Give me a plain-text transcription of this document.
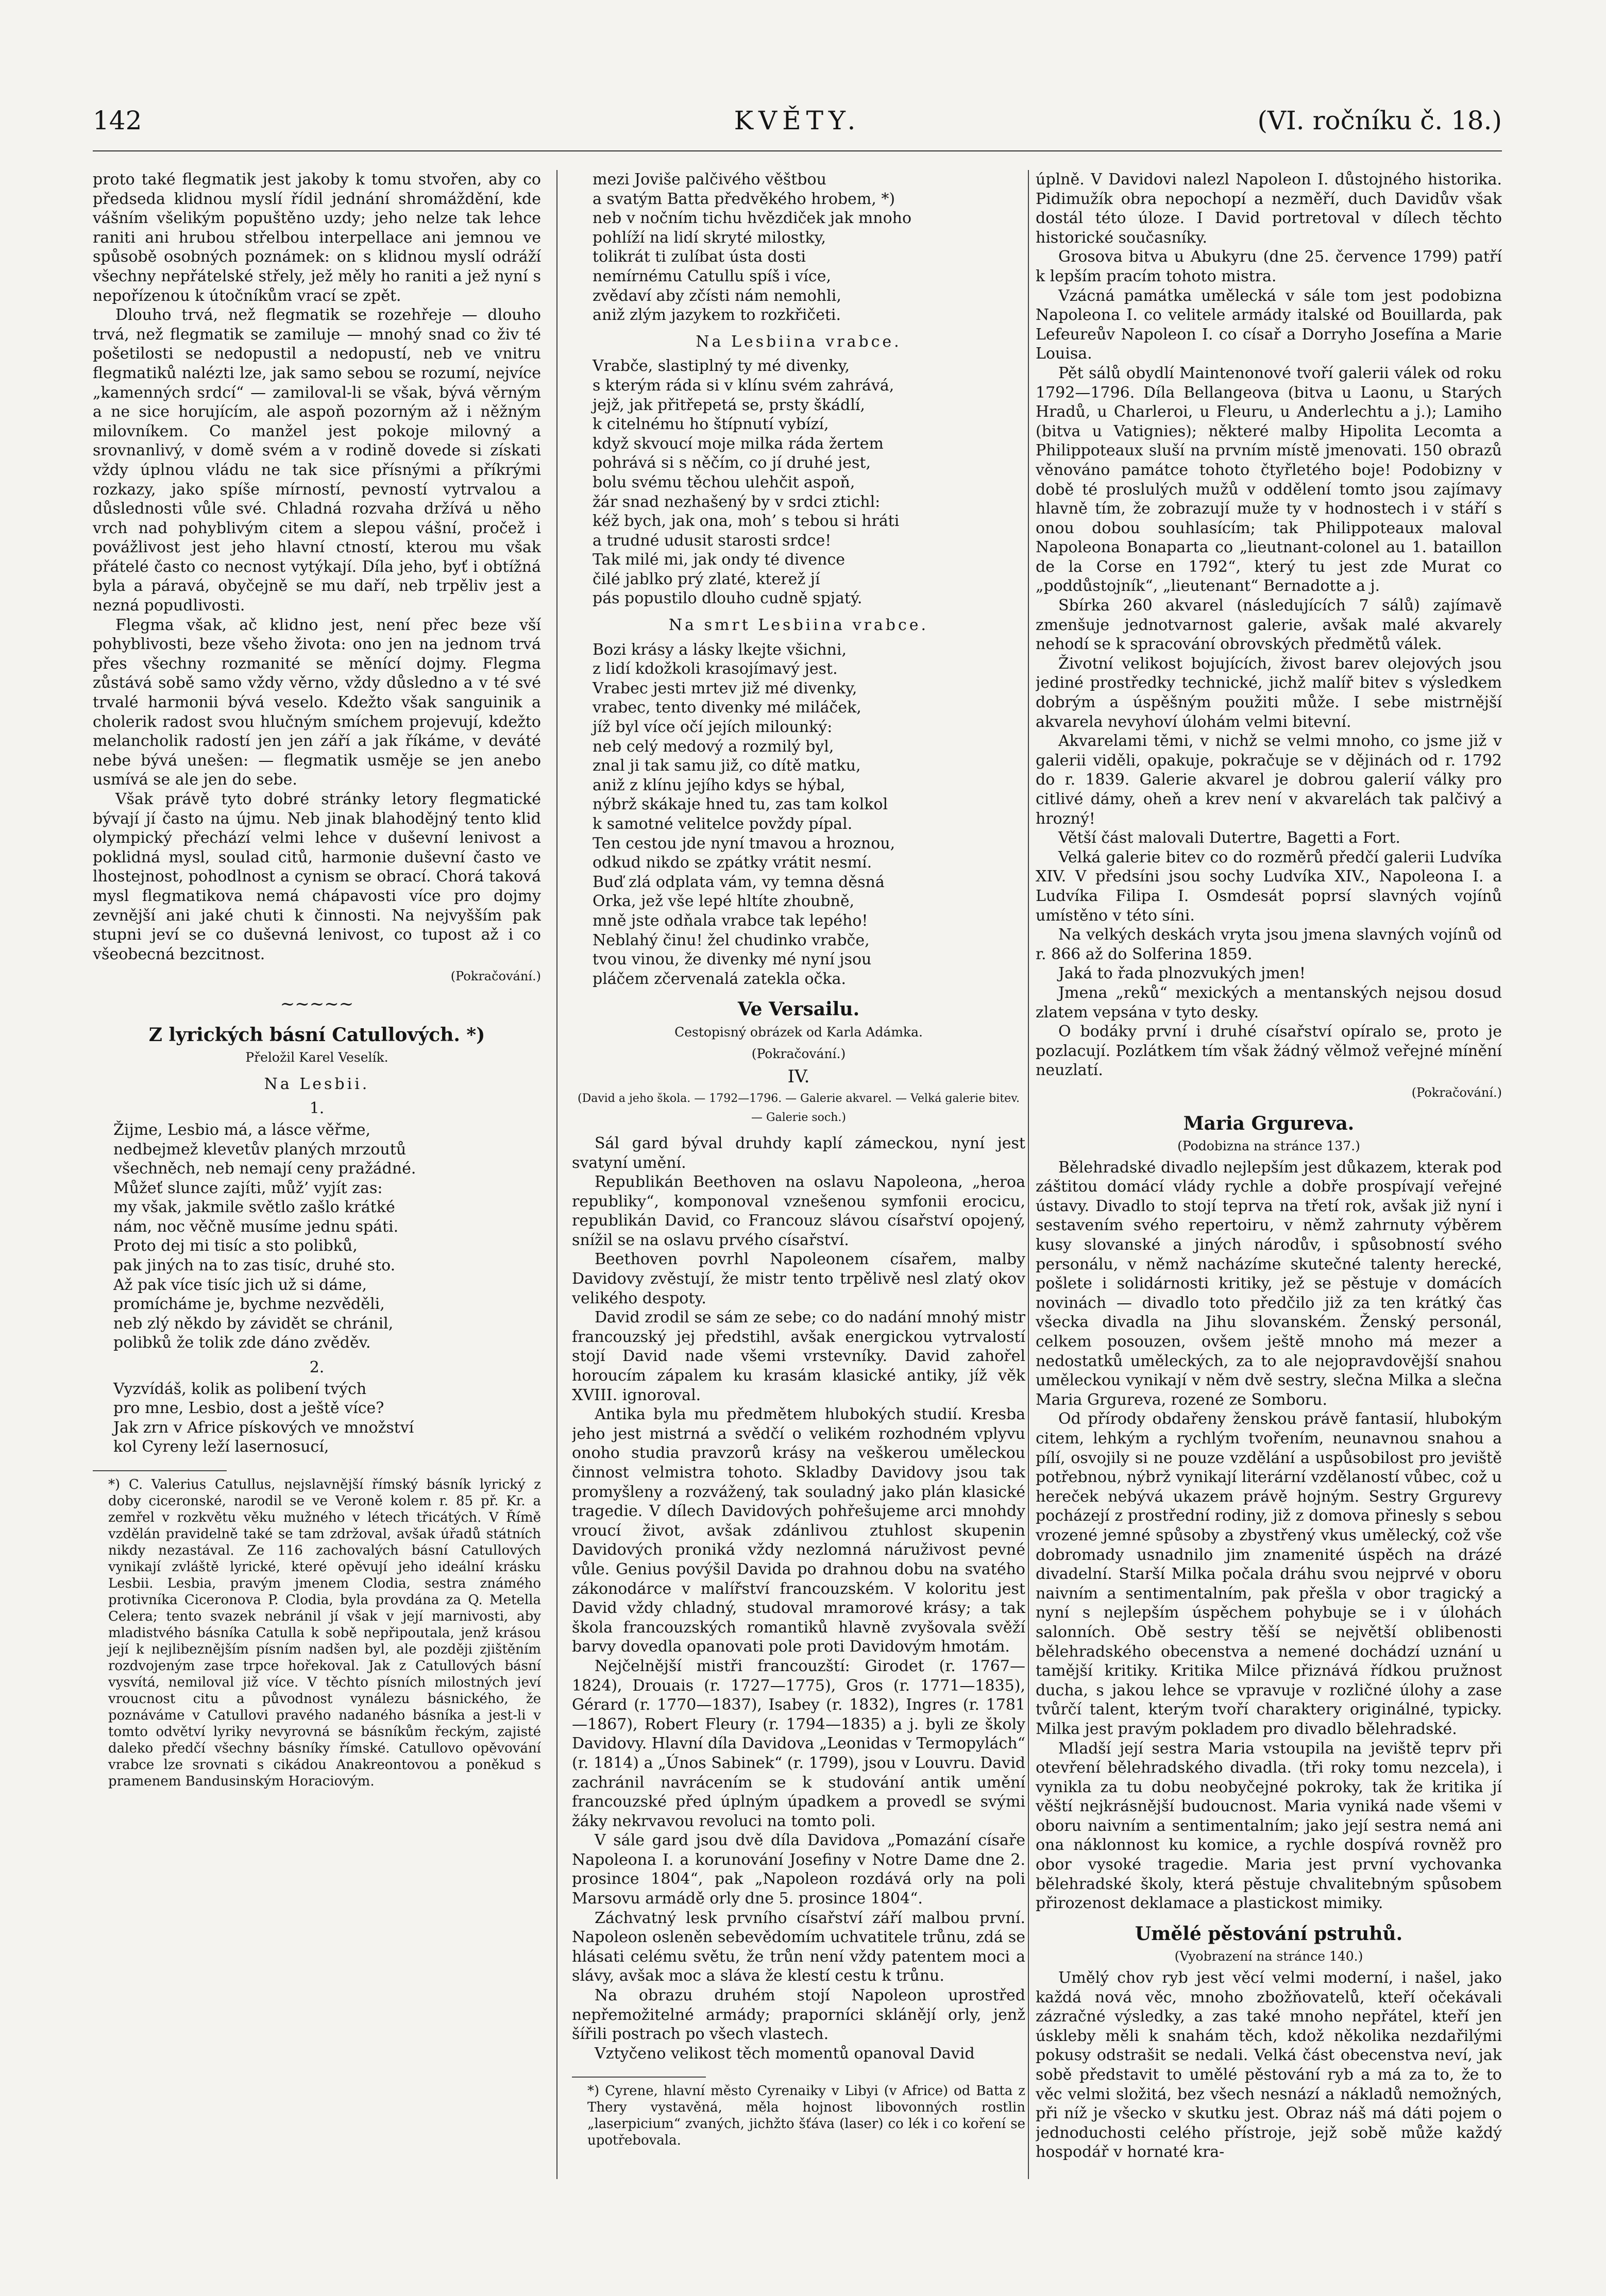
142	KVĚTY.	(VI. ročníku č. 18.)

proto také flegmatik jest jakoby k tomu stvořen, aby co předseda klidnou myslí řídil jednání shromáždění, kde vášním všelikým popuštěno uzdy; jeho nelze tak lehce raniti ani hrubou střelbou interpellace ani jemnou ve spůsobě osobných poznámek: on s klidnou myslí odráží všechny nepřátelské střely, jež měly ho raniti a jež nyní s nepořízenou k útočníkům vrací se zpět.

Dlouho trvá, než flegmatik se rozehřeje — dlouho trvá, než flegmatik se zamiluje — mnohý snad co živ té pošetilosti se nedopustil a nedopustí, neb ve vnitru flegmatiků nalézti lze, jak samo sebou se rozumí, nejvíce „kamenných srdcí“ — zamiloval-li se však, bývá věrným a ne sice horujícím, ale aspoň pozorným až i něžným milovníkem. Co manžel jest pokoje milovný a srovnanlivý, v domě svém a v rodině dovede si získati vždy úplnou vládu ne tak sice přísnými a příkrými rozkazy, jako spíše mírností, pevností vytrvalou a důslednosti vůle své. Chladná rozvaha držívá u něho vrch nad pohyblivým citem a slepou vášní, pročež i povážlivost jest jeho hlavní ctností, kterou mu však přátelé často co necnost vytýkají. Díla jeho, byť i obtížná byla a páravá, obyčejně se mu daří, neb trpěliv jest a nezná popudlivosti.

Flegma však, ač klidno jest, není přec beze vší pohyblivosti, beze všeho života: ono jen na jednom trvá přes všechny rozmanité se měnící dojmy. Flegma zůstává sobě samo vždy věrno, vždy důsledno a v té své trvalé harmonii bývá veselo. Kdežto však sanguinik a cholerik radost svou hlučným smíchem projevují, kdežto melancholik radostí jen jen září a jak říkáme, v deváté nebe bývá unešen: — flegmatik usměje se jen anebo usmívá se ale jen do sebe.

Však právě tyto dobré stránky letory flegmatické bývají jí často na újmu. Neb jinak blahodějný tento klid olympický přechází velmi lehce v duševní lenivost a poklidná mysl, soulad citů, harmonie duševní často ve lhostejnost, pohodlnost a cynism se obrací. Chorá taková mysl flegmatikova nemá chápavosti více pro dojmy zevnější ani jaké chuti k činnosti. Na nejvyšším pak stupni jeví se co duševná lenivost, co tupost až i co všeobecná bezcitnost.

(Pokračování.)
~~~~~
Z lyrických básní Catullových. *)
Přeložil Karel Veselík.
Na Lesbii.
1.
Žijme, Lesbio má, a lásce věřme,
nedbejmež klevetův planých mrzoutů
všechněch, neb nemají ceny pražádné.
Můžeť slunce zajíti, můž’ vyjít zas:
my však, jakmile světlo zašlo krátké
nám, noc věčně musíme jednu spáti.
Proto dej mi tisíc a sto polibků,
pak jiných na to zas tisíc, druhé sto.
Až pak více tisíc jich už si dáme,
promícháme je, bychme nezvěděli,
neb zlý někdo by závidět se chránil,
polibků že tolik zde dáno zvěděv.
2.
Vyzvídáš, kolik as polibení tvých
pro mne, Lesbio, dost a ještě více?
Jak zrn v Africe pískových ve množství
kol Cyreny leží lasernosucí,

*) C. Valerius Catullus, nejslavnější římský básník lyrický z doby ciceronské, narodil se ve Veroně kolem r. 85 př. Kr. a zemřel v rozkvětu věku mužného v létech třicátých. V Římě vzdělán pravidelně také se tam zdržoval, avšak úřadů státních nikdy nezastával. Ze 116 zachovalých básní Catullových vynikají zvláště lyrické, které opěvují jeho ideální krásku Lesbii. Lesbia, pravým jmenem Clodia, sestra známého protivníka Ciceronova P. Clodia, byla provdána za Q. Metella Celera; tento svazek nebránil jí však v její marnivosti, aby mladistvého básníka Catulla k sobě nepřipoutala, jenž krásou její k nejlibeznějším písním nadšen byl, ale později zjištěním rozdvojeným zase trpce hořekoval. Jak z Catullových básní vysvítá, nemiloval již více. V těchto písních milostných jeví vroucnost citu a původnost vynálezu básnického, že poznáváme v Catullovi pravého nadaného básníka a jest-li v tomto odvětví lyriky nevyrovná se básníkům řeckým, zajisté daleko předčí všechny básníky římské. Catullovo opěvování vrabce lze srovnati s cikádou Anakreontovou a poněkud s pramenem Bandusinským Horaciovým.

mezi Joviše palčivého věštbou
a svatým Batta předvěkého hrobem, *)
neb v nočním tichu hvězdiček jak mnoho
pohlíží na lidí skryté milostky,
tolikrát ti zulíbat ústa dosti
nemírnému Catullu spíš i více,
zvědaví aby zčísti nám nemohli,
aniž zlým jazykem to rozkřičeti.
Na Lesbiina vrabce.
Vrabče, slastiplný ty mé divenky,
s kterým ráda si v klínu svém zahrává,
jejž, jak přitřepetá se, prsty škádlí,
k citelnému ho štípnutí vybízí,
když skvoucí moje milka ráda žertem
pohrává si s něčím, co jí druhé jest,
bolu svému těchou ulehčit aspoň,
žár snad nezhašený by v srdci ztichl:
kéž bych, jak ona, moh’ s tebou si hráti
a trudné udusit starosti srdce!
Tak milé mi, jak ondy té divence
čilé jablko prý zlaté, kterež jí
pás popustilo dlouho cudně spjatý.
Na smrt Lesbiina vrabce.
Bozi krásy a lásky lkejte všichni,
z lidí kdožkoli krasojímavý jest.
Vrabec jesti mrtev již mé divenky,
vrabec, tento divenky mé miláček,
jíž byl více očí jejích milounký:
neb celý medový a rozmilý byl,
znal ji tak samu již, co dítě matku,
aniž z klínu jejího kdys se hýbal,
nýbrž skákaje hned tu, zas tam kolkol
k samotné velitelce povždy pípal.
Ten cestou jde nyní tmavou a hroznou,
odkud nikdo se zpátky vrátit nesmí.
Buď zlá odplata vám, vy temna děsná
Orka, jež vše lepé hltíte zhoubně,
mně jste odňala vrabce tak lepého!
Neblahý činu! žel chudinko vrabče,
tvou vinou, že divenky mé nyní jsou
pláčem zčervenalá zatekla očka.
Ve Versailu.
Cestopisný obrázek od Karla Adámka.
(Pokračování.)
IV.
(David a jeho škola. — 1792—1796. — Galerie akvarel. — Velká galerie bitev. — Galerie soch.)

Sál gard býval druhdy kaplí zámeckou, nyní jest svatyní umění.

Republikán Beethoven na oslavu Napoleona, „heroa republiky“, komponoval vznešenou symfonii erocicu, republikán David, co Francouz slávou císařství opojený, snížil se na oslavu prvého císařství.

Beethoven povrhl Napoleonem císařem, malby Davidovy zvěstují, že mistr tento trpělivě nesl zlatý okov velikého despoty.

David zrodil se sám ze sebe; co do nadání mnohý mistr francouzský jej předstihl, avšak energickou vytrvalostí stojí David nade všemi vrstevníky. David zahořel horoucím zápalem ku krasám klasické antiky, jíž věk XVIII. ignoroval.

Antika byla mu předmětem hlubokých studií. Kresba jeho jest mistrná a svědčí o velikém rozhodném vplyvu onoho studia pravzorů krásy na veškerou uměleckou činnost velmistra tohoto. Skladby Davidovy jsou tak promyšleny a rozvážený, tak souladný jako plán klasické tragedie. V dílech Davidových pohřešujeme arci mnohdy vroucí život, avšak zdánlivou ztuhlost skupenin Davidových proniká vždy nezlomná náruživost pevné vůle. Genius povýšil Davida po drahnou dobu na svatého zákonodárce v malířství francouzském. V koloritu jest David vždy chladný, studoval mramorové krásy; a tak škola francouzských romantiků hlavně zvyšovala svěží barvy dovedla opanovati pole proti Davidovým hmotám.

Nejčelnější mistři francouzští: Girodet (r. 1767—1824), Drouais (r. 1727—1775), Gros (r. 1771—1835), Gérard (r. 1770—1837), Isabey (r. 1832), Ingres (r. 1781—1867), Robert Fleury (r. 1794—1835) a j. byli ze školy Davidovy. Hlavní díla Davidova „Leonidas v Termopylách“ (r. 1814) a „Únos Sabinek“ (r. 1799), jsou v Louvru. David zachránil navrácením se k studování antik umění francouzské před úplným úpadkem a provedl se svými žáky nekrvavou revoluci na tomto poli.

V sále gard jsou dvě díla Davidova „Pomazání císaře Napoleona I. a korunování Josefiny v Notre Dame dne 2. prosince 1804“, pak „Napoleon rozdává orly na poli Marsovu armádě orly dne 5. prosince 1804“.

Záchvatný lesk prvního císařství září malbou první. Napoleon osleněn sebevědomím uchvatitele trůnu, zdá se hlásati celému světu, že trůn není vždy patentem moci a slávy, avšak moc a sláva že klestí cestu k trůnu.

Na obrazu druhém stojí Napoleon uprostřed nepřemožitelné armády; praporníci sklánějí orly, jenž šířili postrach po všech vlastech.

Vztyčeno velikost těch momentů opanoval David

*) Cyrene, hlavní město Cyrenaiky v Libyi (v Africe) od Batta z Thery vystavěná, měla hojnost libovonných rostlin „laserpicium“ zvaných, jichžto šťáva (laser) co lék i co koření se upotřebovala.

úplně. V Davidovi nalezl Napoleon I. důstojného historika. Pidimužík obra nepochopí a nezměří, duch Davidův však dostál této úloze. I David portretoval v dílech těchto historické současníky.

Grosova bitva u Abukyru (dne 25. července 1799) patří k lepším pracím tohoto mistra.

Vzácná památka umělecká v sále tom jest podobizna Napoleona I. co velitele armády italské od Bouillarda, pak Lefeureův Napoleon I. co císař a Dorryho Josefína a Marie Louisa.

Pět sálů obydlí Maintenonové tvoří galerii válek od roku 1792—1796. Díla Bellangeova (bitva u Laonu, u Starých Hradů, u Charleroi, u Fleuru, u Anderlechtu a j.); Lamiho (bitva u Vatignies); některé malby Hipolita Lecomta a Philippoteaux sluší na prvním místě jmenovati. 150 obrazů věnováno památce tohoto čtyřletého boje! Podobizny v době té proslulých mužů v oddělení tomto jsou zajímavy hlavně tím, že zobrazují muže ty v hodnostech i v stáří s onou dobou souhlasícím; tak Philippoteaux maloval Napoleona Bonaparta co „lieutnant-colonel au 1. bataillon de la Corse en 1792“, který tu jest zde Murat co „poddůstojník“, „lieutenant“ Bernadotte a j.

Sbírka 260 akvarel (následujících 7 sálů) zajímavě zmenšuje jednotvarnost galerie, avšak malé akvarely nehodí se k spracování obrovských předmětů válek.

Životní velikost bojujících, živost barev olejových jsou jediné prostředky technické, jichž malíř bitev s výsledkem dobrým a úspěšným použiti může. I sebe mistrnější akvarela nevyhoví úlohám velmi bitevní.

Akvarelami těmi, v nichž se velmi mnoho, co jsme již v galerii viděli, opakuje, pokračuje se v dějinách od r. 1792 do r. 1839. Galerie akvarel je dobrou galerií války pro citlivé dámy, oheň a krev není v akvarelách tak palčivý a hrozný!

Větší část malovali Dutertre, Bagetti a Fort.

Velká galerie bitev co do rozměrů předčí galerii Ludvíka XIV. V předsíni jsou sochy Ludvíka XIV., Napoleona I. a Ludvíka Filipa I. Osmdesát poprsí slavných vojínů umístěno v této síni.

Na velkých deskách vryta jsou jmena slavných vojínů od r. 866 až do Solferina 1859.

Jaká to řada plnozvukých jmen!

Jmena „reků“ mexických a mentanských nejsou dosud zlatem vepsána v tyto desky.

O bodáky první i druhé císařství opíralo se, proto je pozlacují. Pozlátkem tím však žádný vělmož veřejné mínění neuzlatí.

(Pokračování.)
Maria Grgureva.
(Podobizna na stránce 137.)

Bělehradské divadlo nejlepším jest důkazem, kterak pod záštitou domácí vlády rychle a dobře prospívají veřejné ústavy. Divadlo to stojí teprva na třetí rok, avšak již nyní i sestavením svého repertoiru, v němž zahrnuty výběrem kusy slovanské a jiných národův, i spůsobností svého personálu, v němž nacházíme skutečné talenty herecké, pošlete i solidárnosti kritiky, jež se pěstuje v domácích novinách — divadlo toto předčilo již za ten krátký čas všecka divadla na Jihu slovanském. Ženský personál, celkem posouzen, ovšem ještě mnoho má mezer a nedostatků uměleckých, za to ale nejopravdovější snahou uměleckou vynikají v něm dvě sestry, slečna Milka a slečna Maria Grgureva, rozené ze Somboru.

Od přírody obdařeny ženskou právě fantasií, hlubokým citem, lehkým a rychlým tvořením, neunavnou snahou a pílí, osvojily si ne pouze vzdělání a uspůsobilost pro jeviště potřebnou, nýbrž vynikají literární vzdělaností vůbec, což u hereček nebývá ukazem právě hojným. Sestry Grgurevy pocházejí z prostřední rodiny, již z domova přinesly s sebou vrozené jemné spůsoby a zbystřený vkus umělecký, což vše dobromady usnadnilo jim znamenité úspěch na drázé divadelní. Starší Milka počala dráhu svou nejprvé v oboru naivním a sentimentalním, pak přešla v obor tragický a nyní s nejlepším úspěchem pohybuje se i v úlohách salonních. Obě sestry těší se největší oblibenosti bělehradského obecenstva a nemené dochádzí uznání u tamější kritiky. Kritika Milce přiznává řídkou pružnost ducha, s jakou lehce se vpravuje v rozličné úlohy a zase tvůrčí talent, kterým tvoří charaktery originálné, typicky. Milka jest pravým pokladem pro divadlo bělehradské.

Mladší její sestra Maria vstoupila na jeviště teprv při otevření bělehradského divadla. (tři roky tomu nezcela), i vynikla za tu dobu neobyčejné pokroky, tak že kritika jí věští nejkrásnější budoucnost. Maria vyniká nade všemi v oboru naivním a sentimentalním; jako její sestra nemá ani ona náklonnost ku komice, a rychle dospívá rovněž pro obor vysoké tragedie. Maria jest první vychovanka bělehradské školy, která pěstuje chvalitebným spůsobem přirozenost deklamace a plastickost mimiky.

Umělé pěstování pstruhů.
(Vyobrazení na stránce 140.)

Umělý chov ryb jest věcí velmi moderní, i našel, jako každá nová věc, mnoho zbožňovatelů, kteří očekávali zázračné výsledky, a zas také mnoho nepřátel, kteří jen úskleby měli k snahám těch, kdož několika nezdařilými pokusy odstrašit se nedali. Velká část obecenstva neví, jak sobě představit to umělé pěstování ryb a má za to, že to věc velmi složitá, bez všech nesnází a nákladů nemožných, při níž je všecko v skutku jest. Obraz náš má dáti pojem o jednoduchosti celého přístroje, jejž sobě může každý hospodář v hornaté kra-
